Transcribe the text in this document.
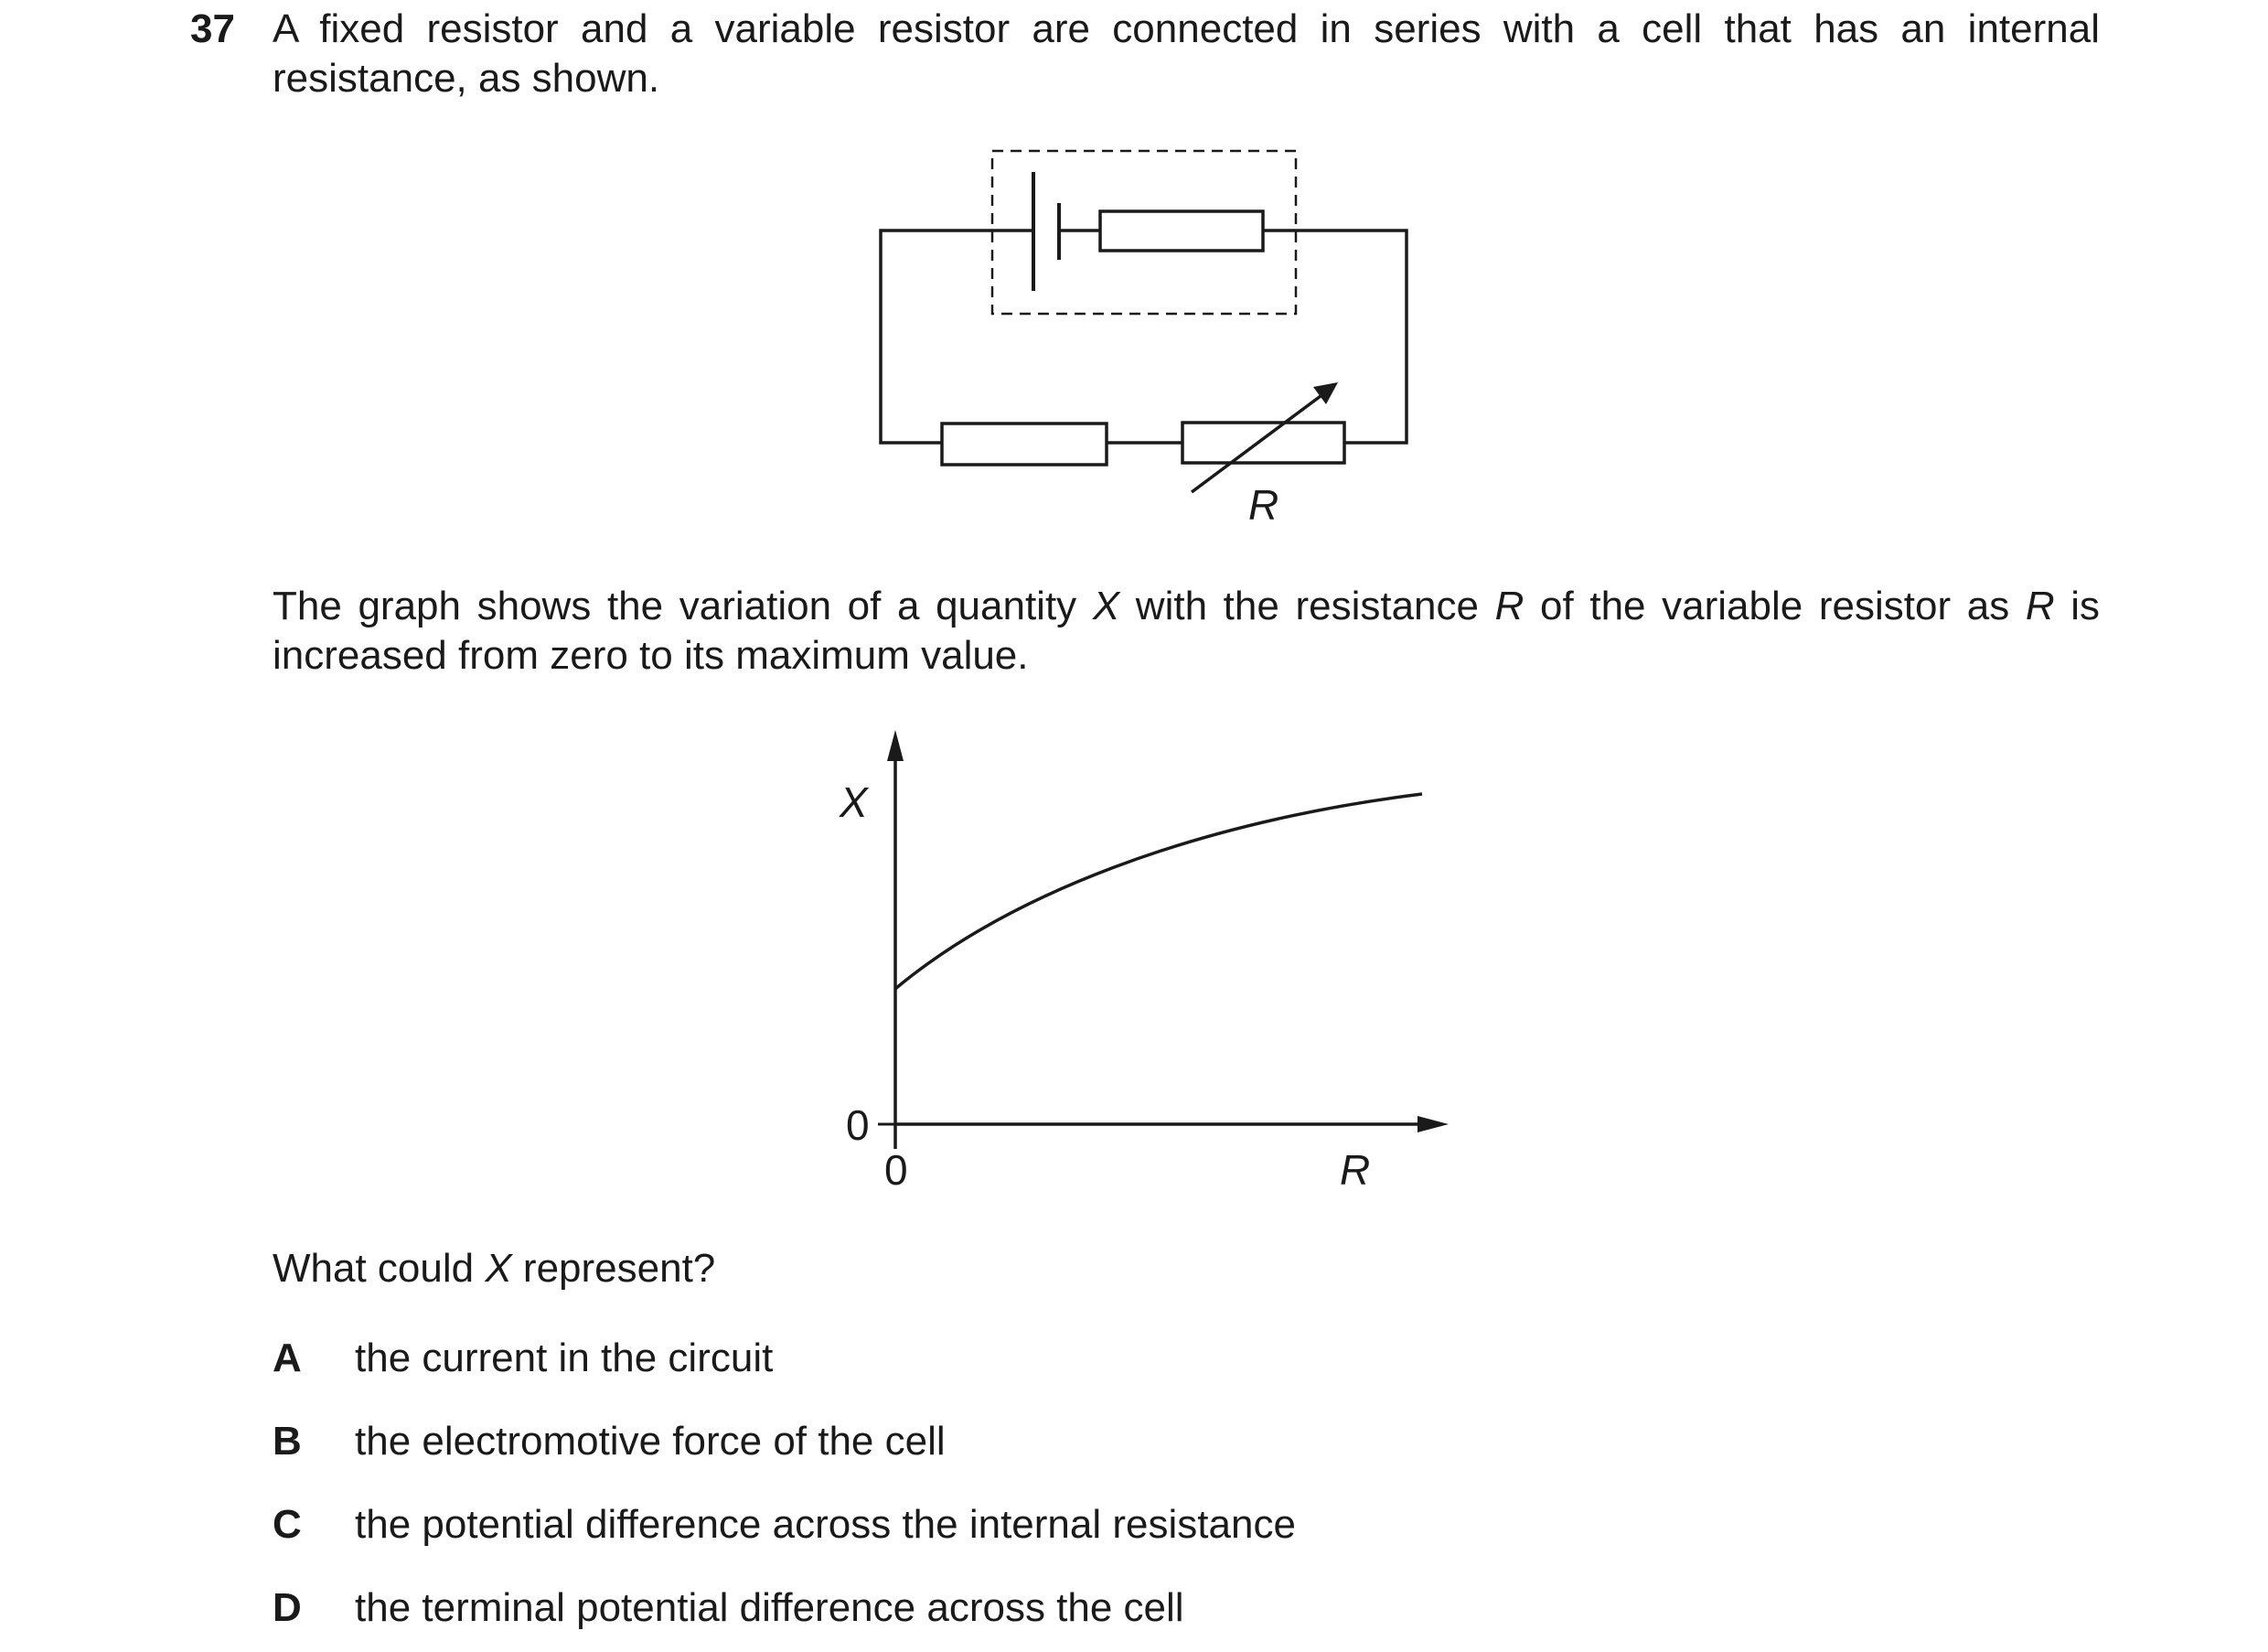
37 A fixed resistor and a variable resistor are connected in series with a cell that has an internal resistance, as shown.
R
X
0
0	R
The graph shows the variation of a quantity X with the resistance R of the variable resistor as R is increased from zero to its maximum value.
What could X represent?
A	the current in the circuit
B	the electromotive force of the cell
C	the potential difference across the internal resistance
D	the terminal potential difference across the cell
